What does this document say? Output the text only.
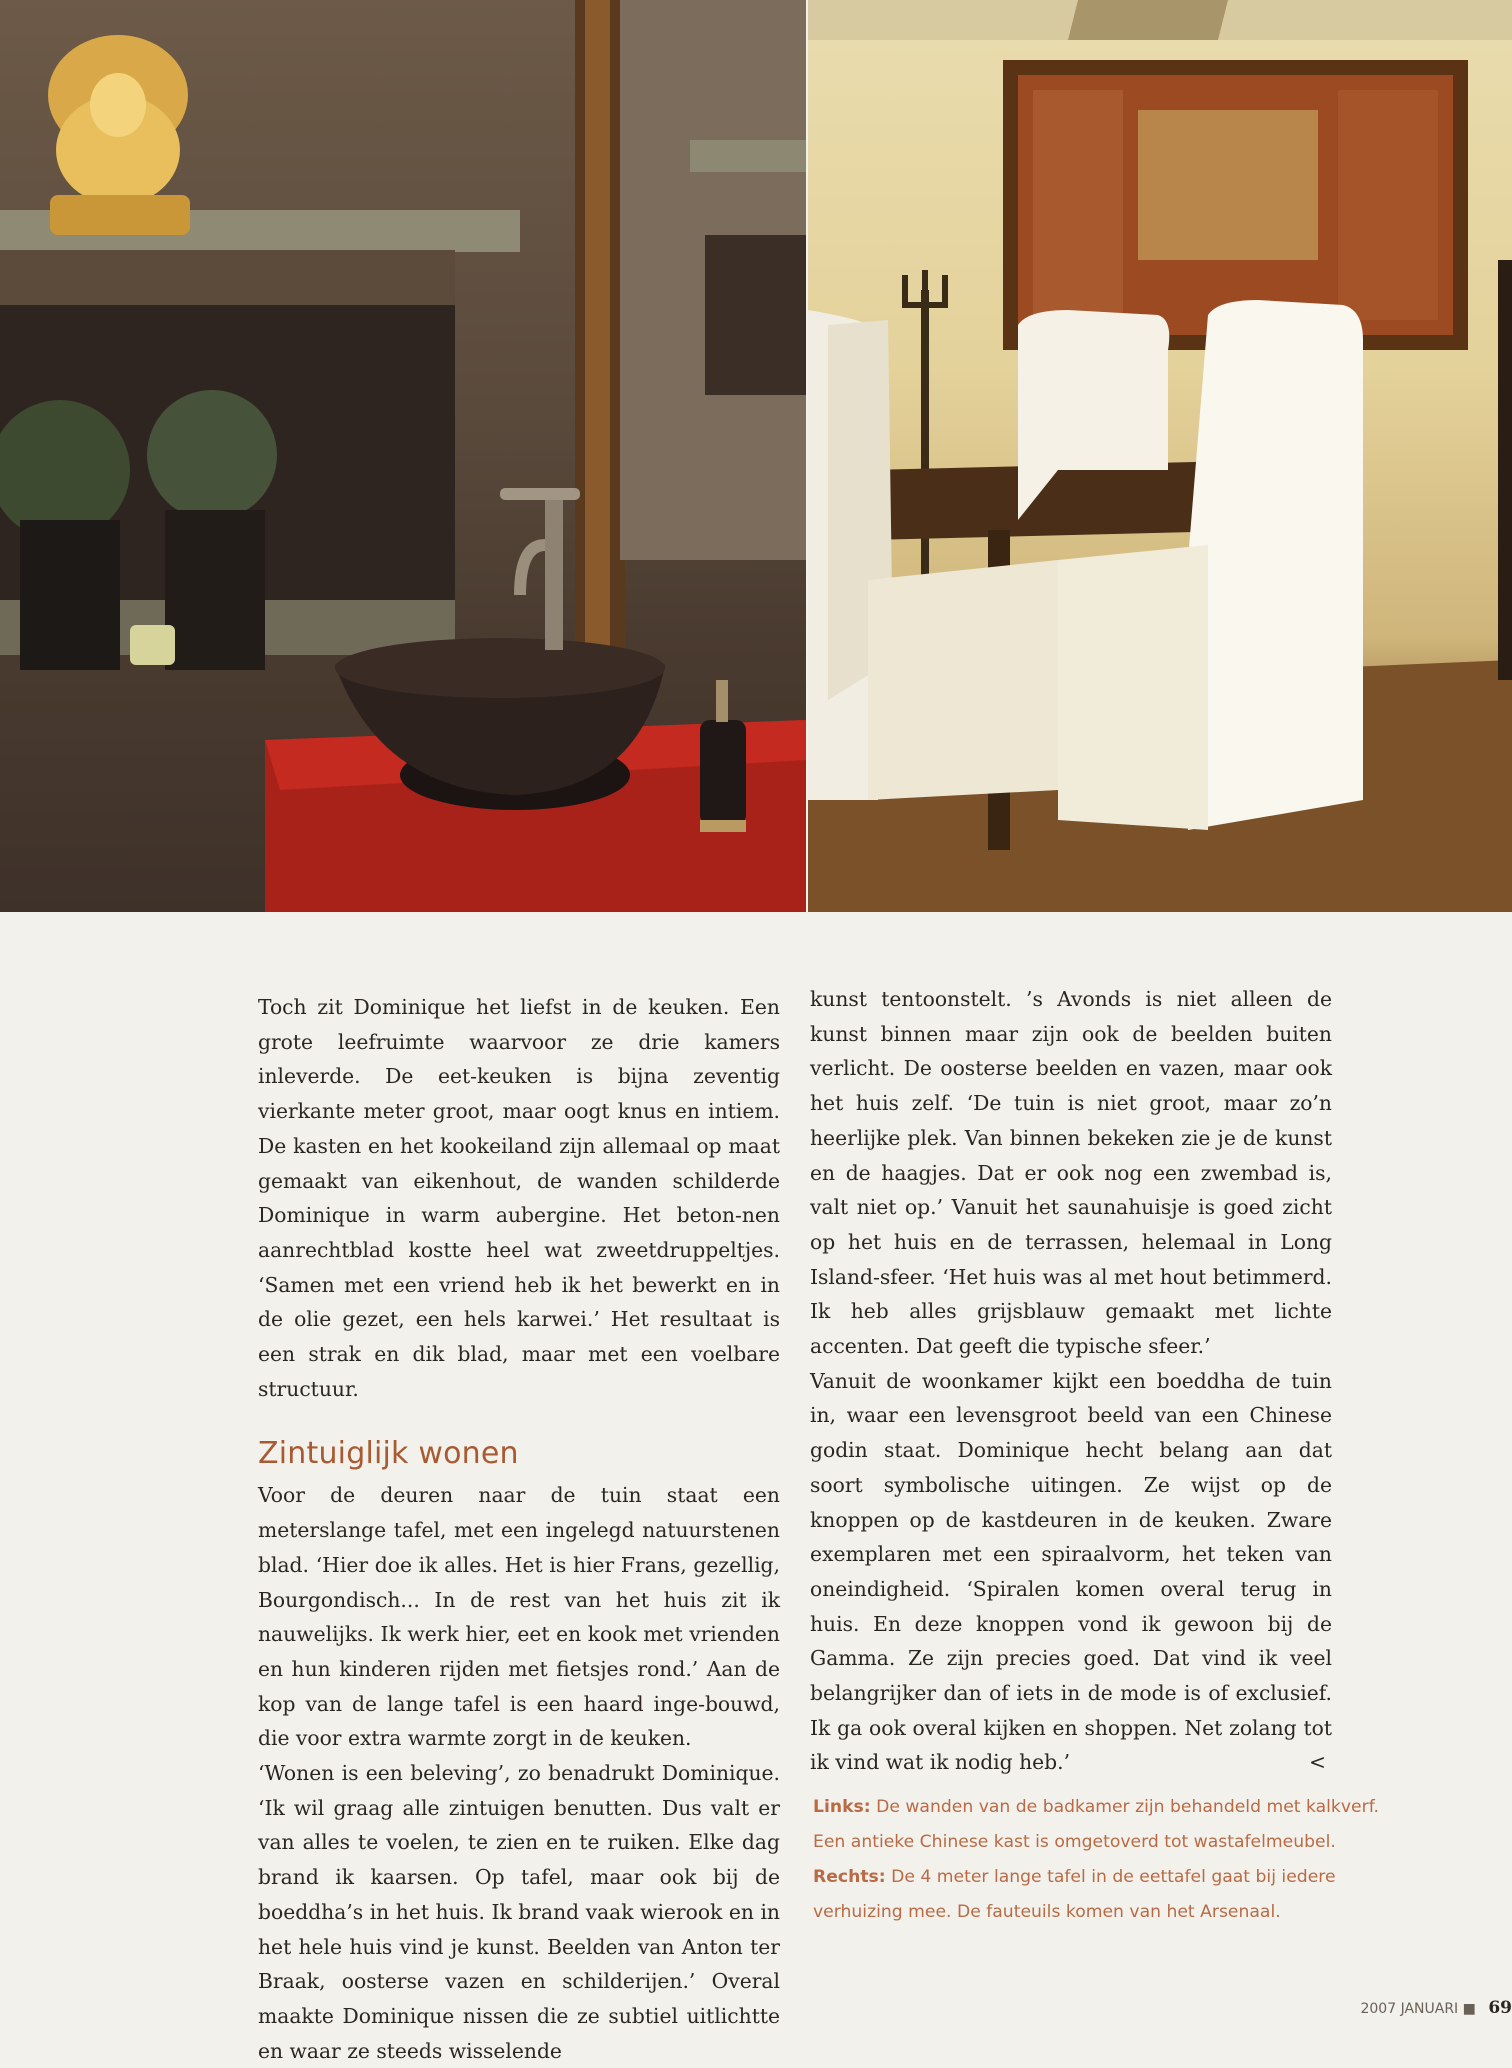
Toch zit Dominique het liefst in de keuken. Een grote leefruimte waarvoor ze drie kamers inleverde. De eet-keuken is bijna zeventig vierkante meter groot, maar oogt knus en intiem. De kasten en het kookeiland zijn allemaal op maat gemaakt van eikenhout, de wanden schilderde Dominique in warm aubergine. Het beton-nen aanrechtblad kostte heel wat zweetdruppeltjes. ‘Samen met een vriend heb ik het bewerkt en in de olie gezet, een hels karwei.’ Het resultaat is een strak en dik blad, maar met een voelbare structuur.

Zintuiglijk wonen

Voor de deuren naar de tuin staat een meterslange tafel, met een ingelegd natuurstenen blad. ‘Hier doe ik alles. Het is hier Frans, gezellig, Bourgondisch... In de rest van het huis zit ik nauwelijks. Ik werk hier, eet en kook met vrienden en hun kinderen rijden met fietsjes rond.’ Aan de kop van de lange tafel is een haard inge-bouwd, die voor extra warmte zorgt in de keuken.

‘Wonen is een beleving’, zo benadrukt Dominique. ‘Ik wil graag alle zintuigen benutten. Dus valt er van alles te voelen, te zien en te ruiken. Elke dag brand ik kaarsen. Op tafel, maar ook bij de boeddha’s in het huis. Ik brand vaak wierook en in het hele huis vind je kunst. Beelden van Anton ter Braak, oosterse vazen en schilderijen.’ Overal maakte Dominique nissen die ze subtiel uitlichtte en waar ze steeds wisselende

kunst tentoonstelt. ’s Avonds is niet alleen de kunst binnen maar zijn ook de beelden buiten verlicht. De oosterse beelden en vazen, maar ook het huis zelf. ‘De tuin is niet groot, maar zo’n heerlijke plek. Van binnen bekeken zie je de kunst en de haagjes. Dat er ook nog een zwembad is, valt niet op.’ Vanuit het saunahuisje is goed zicht op het huis en de terrassen, helemaal in Long Island-sfeer. ‘Het huis was al met hout betimmerd. Ik heb alles grijsblauw gemaakt met lichte accenten. Dat geeft die typische sfeer.’

Vanuit de woonkamer kijkt een boeddha de tuin in, waar een levensgroot beeld van een Chinese godin staat. Dominique hecht belang aan dat soort symbolische uitingen. Ze wijst op de knoppen op de kastdeuren in de keuken. Zware exemplaren met een spiraalvorm, het teken van oneindigheid. ‘Spiralen komen overal terug in huis. En deze knoppen vond ik gewoon bij de Gamma. Ze zijn precies goed. Dat vind ik veel belangrijker dan of iets in de mode is of exclusief. Ik ga ook overal kijken en shoppen. Net zolang tot ik vind wat ik nodig heb.’	<

Links: De wanden van de badkamer zijn behandeld met kalkverf. Een antieke Chinese kast is omgetoverd tot wastafelmeubel.
Rechts: De 4 meter lange tafel in de eettafel gaat bij iedere verhuizing mee. De fauteuils komen van het Arsenaal.
2007 JANUARI ■ 69
